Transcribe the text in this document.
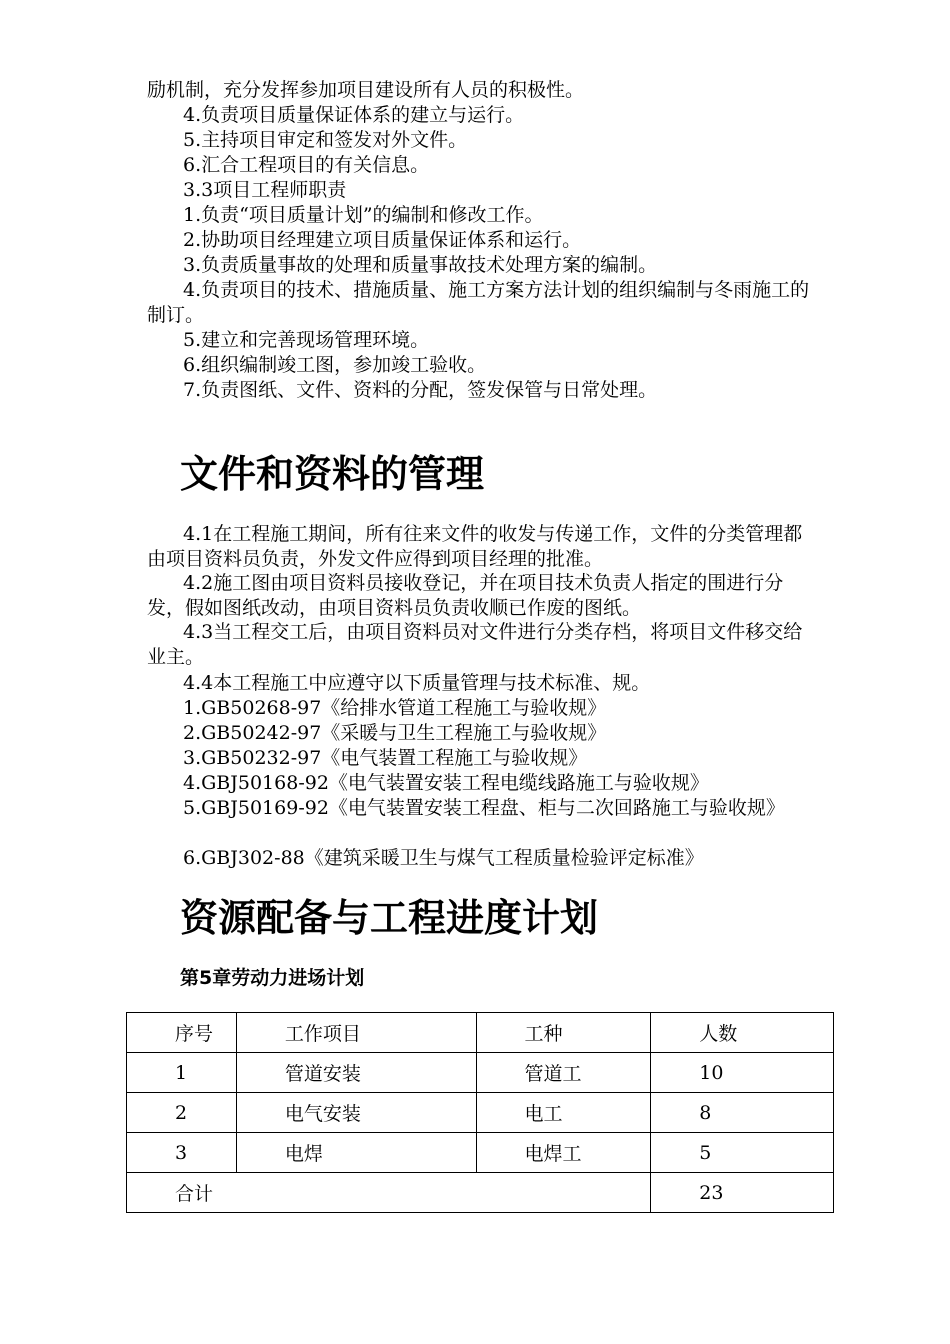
励机制，充分发挥参加项目建设所有人员的积极性。

4.负责项目质量保证体系的建立与运行。

5.主持项目审定和签发对外文件。

6.汇合工程项目的有关信息。

3.3项目工程师职责

1.负责“项目质量计划”的编制和修改工作。

2.协助项目经理建立项目质量保证体系和运行。

3.负责质量事故的处理和质量事故技术处理方案的编制。

4.负责项目的技术、措施质量、施工方案方法计划的组织编制与冬雨施工的制订。

5.建立和完善现场管理环境。

6.组织编制竣工图，参加竣工验收。

7.负责图纸、文件、资料的分配，签发保管与日常处理。

文件和资料的管理

4.1在工程施工期间，所有往来文件的收发与传递工作，文件的分类管理都由项目资料员负责，外发文件应得到项目经理的批准。

4.2施工图由项目资料员接收登记，并在项目技术负责人指定的围进行分发，假如图纸改动，由项目资料员负责收顺已作废的图纸。

4.3当工程交工后，由项目资料员对文件进行分类存档，将项目文件移交给业主。

4.4本工程施工中应遵守以下质量管理与技术标准、规。

1.GB50268-97《给排水管道工程施工与验收规》

2.GB50242-97《采暖与卫生工程施工与验收规》

3.GB50232-97《电气装置工程施工与验收规》

4.GBJ50168-92《电气装置安装工程电缆线路施工与验收规》

5.GBJ50169-92《电气装置安装工程盘、柜与二次回路施工与验收规》

6.GBJ302-88《建筑采暖卫生与煤气工程质量检验评定标准》

资源配备与工程进度计划
第5章劳动力进场计划
序号	工作项目	工种	人数
1	管道安装	管道工	10
2	电气安装	电工	8
3	电焊	电焊工	5
合计			23
